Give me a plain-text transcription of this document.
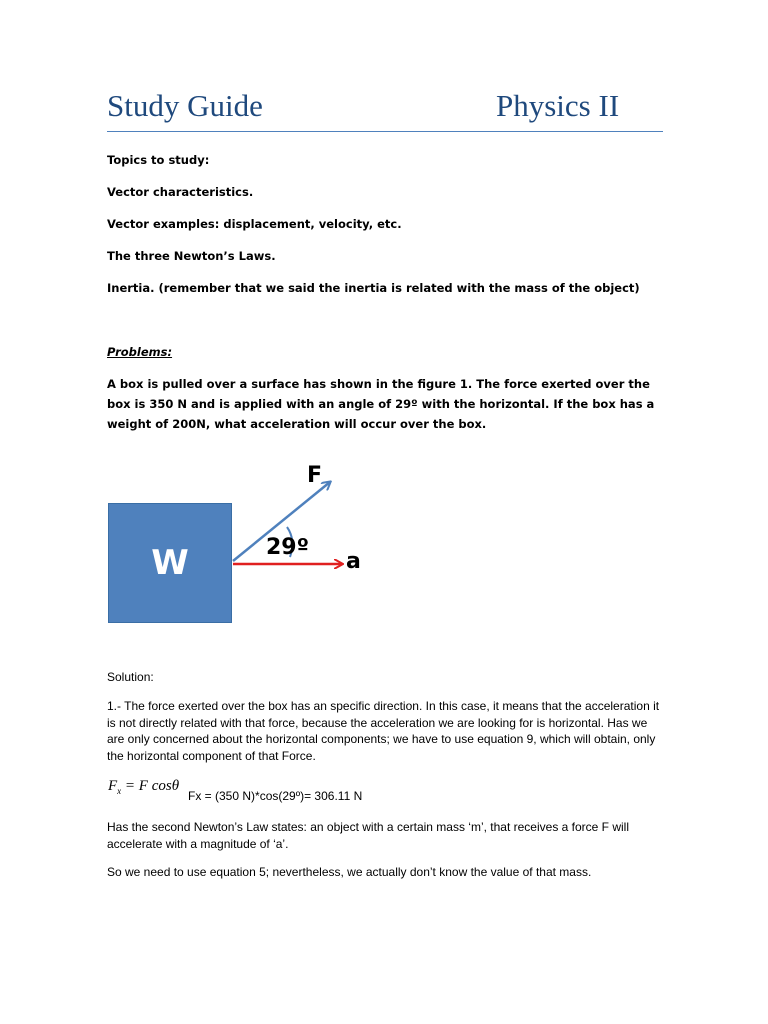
Study Guide	Physics II
Topics to study:
Vector characteristics.
Vector examples: displacement, velocity, etc.
The three Newton’s Laws.
Inertia. (remember that we said the inertia is related with the mass of the object)
Problems:
A box is pulled over a surface has shown in the figure 1. The force exerted over the box is 350 N and is applied with an angle of 29º with the horizontal. If the box has a weight of 200N, what acceleration will occur over the box.
W
F
29º
a
Solution:
1.- The force exerted over the box has an specific direction. In this case, it means that the acceleration it is not directly related with that force, because the acceleration we are looking for is horizontal. Has we are only concerned about the horizontal components; we have to use equation 9, which will obtain, only the horizontal component of that Force.
$F_x = F$ cosθ
Fx = (350 N)*cos(29º)= 306.11 N
Has the second Newton’s Law states: an object with a certain mass ‘m’, that receives a force F will accelerate with a magnitude of ‘a’.
So we need to use equation 5; nevertheless, we actually don’t know the value of that mass.
